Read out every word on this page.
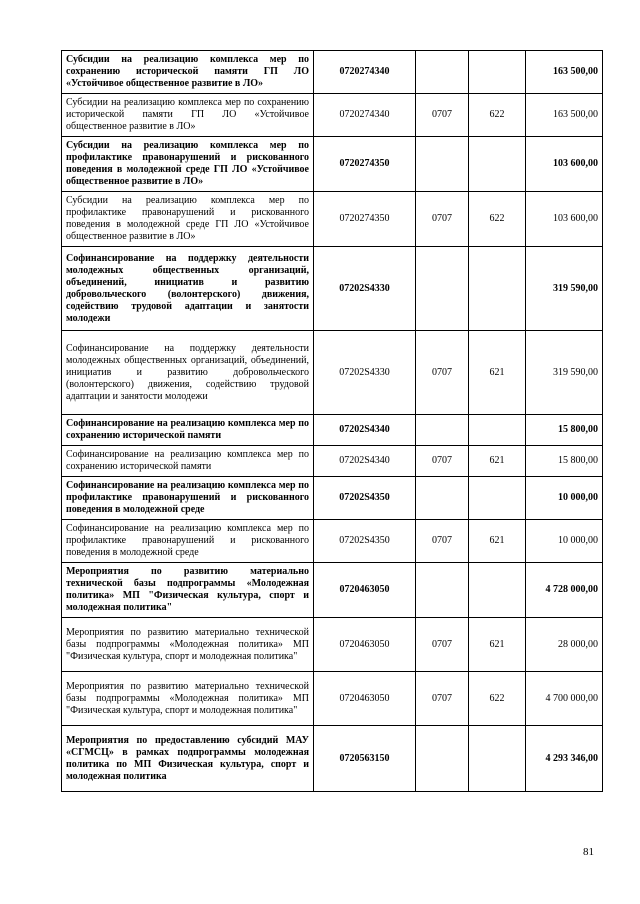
Субсидии на реализацию комплекса мер по сохранению исторической памяти ГП ЛО «Устойчивое общественное развитие в ЛО»	0720274340			163 500,00
Субсидии на реализацию комплекса мер по сохранению исторической памяти ГП ЛО «Устойчивое общественное развитие в ЛО»	0720274340	0707	622	163 500,00
Субсидии на реализацию комплекса мер по профилактике правонарушений и рискованного поведения в молодежной среде ГП ЛО «Устойчивое общественное развитие в ЛО»	0720274350			103 600,00
Субсидии на реализацию комплекса мер по профилактике правонарушений и рискованного поведения в молодежной среде ГП ЛО «Устойчивое общественное развитие в ЛО»	0720274350	0707	622	103 600,00
Софинансирование на поддержку деятельности молодежных общественных организаций, объединений, инициатив и развитию добровольческого (волонтерского) движения, содействию трудовой адаптации и занятости молодежи	07202S4330			319 590,00
Софинансирование на поддержку деятельности молодежных общественных организаций, объединений, инициатив и развитию добровольческого (волонтерского) движения, содействию трудовой адаптации и занятости молодежи	07202S4330	0707	621	319 590,00
Софинансирование на реализацию комплекса мер по сохранению исторической памяти	07202S4340			15 800,00
Софинансирование на реализацию комплекса мер по сохранению исторической памяти	07202S4340	0707	621	15 800,00
Софинансирование на реализацию комплекса мер по профилактике правонарушений и рискованного поведения в молодежной среде	07202S4350			10 000,00
Софинансирование на реализацию комплекса мер по профилактике правонарушений и рискованного поведения в молодежной среде	07202S4350	0707	621	10 000,00
Мероприятия по развитию материально технической базы подпрограммы «Молодежная политика» МП "Физическая культура, спорт и молодежная политика"	0720463050			4 728 000,00
Мероприятия по развитию материально технической базы подпрограммы «Молодежная политика» МП "Физическая культура, спорт и молодежная политика"	0720463050	0707	621	28 000,00
Мероприятия по развитию материально технической базы подпрограммы «Молодежная политика» МП "Физическая культура, спорт и молодежная политика"	0720463050	0707	622	4 700 000,00
Мероприятия по предоставлению субсидий МАУ «СГМСЦ» в рамках подпрограммы молодежная политика по МП Физическая культура, спорт и молодежная политика	0720563150			4 293 346,00
81
